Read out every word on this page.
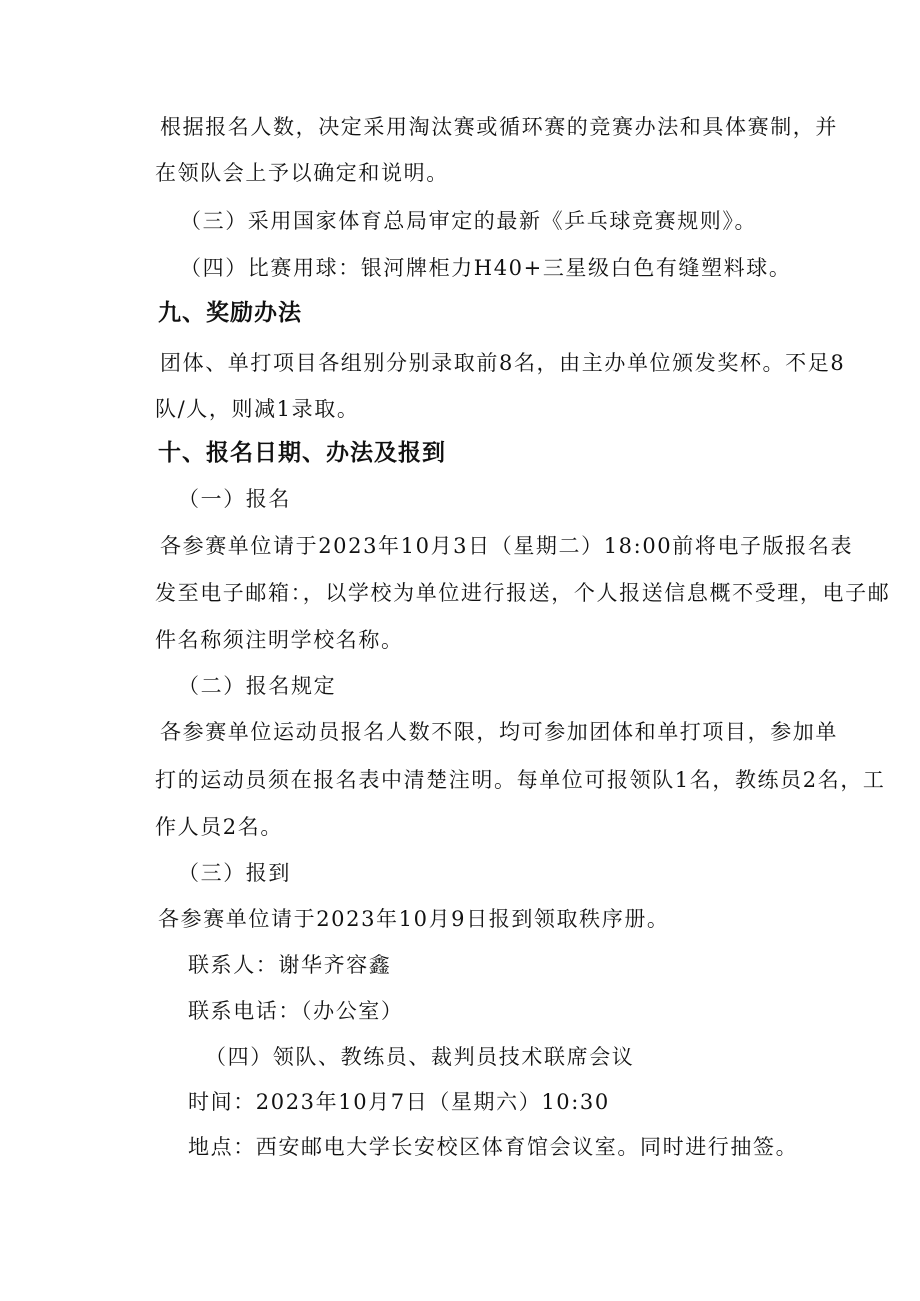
根据报名人数，决定采用淘汰赛或循环赛的竞赛办法和具体赛制，并
在领队会上予以确定和说明。
（三）采用国家体育总局审定的最新《乒乓球竞赛规则》。
（四）比赛用球：银河牌柜力H40+三星级白色有缝塑料球。
九、奖励办法
团体、单打项目各组别分别录取前8名，由主办单位颁发奖杯。不足8
队/人，则减1录取。
十、报名日期、办法及报到
（一）报名
各参赛单位请于2023年10月3日（星期二）18:00前将电子版报名表
发至电子邮箱：，以学校为单位进行报送，个人报送信息概不受理，电子邮
件名称须注明学校名称。
（二）报名规定
各参赛单位运动员报名人数不限，均可参加团体和单打项目，参加单
打的运动员须在报名表中清楚注明。每单位可报领队1名，教练员2名，工
作人员2名。
（三）报到
各参赛单位请于2023年10月9日报到领取秩序册。
联系人：谢华齐容鑫
联系电话：（办公室）
（四）领队、教练员、裁判员技术联席会议
时间：2023年10月7日（星期六）10:30
地点：西安邮电大学长安校区体育馆会议室。同时进行抽签。
